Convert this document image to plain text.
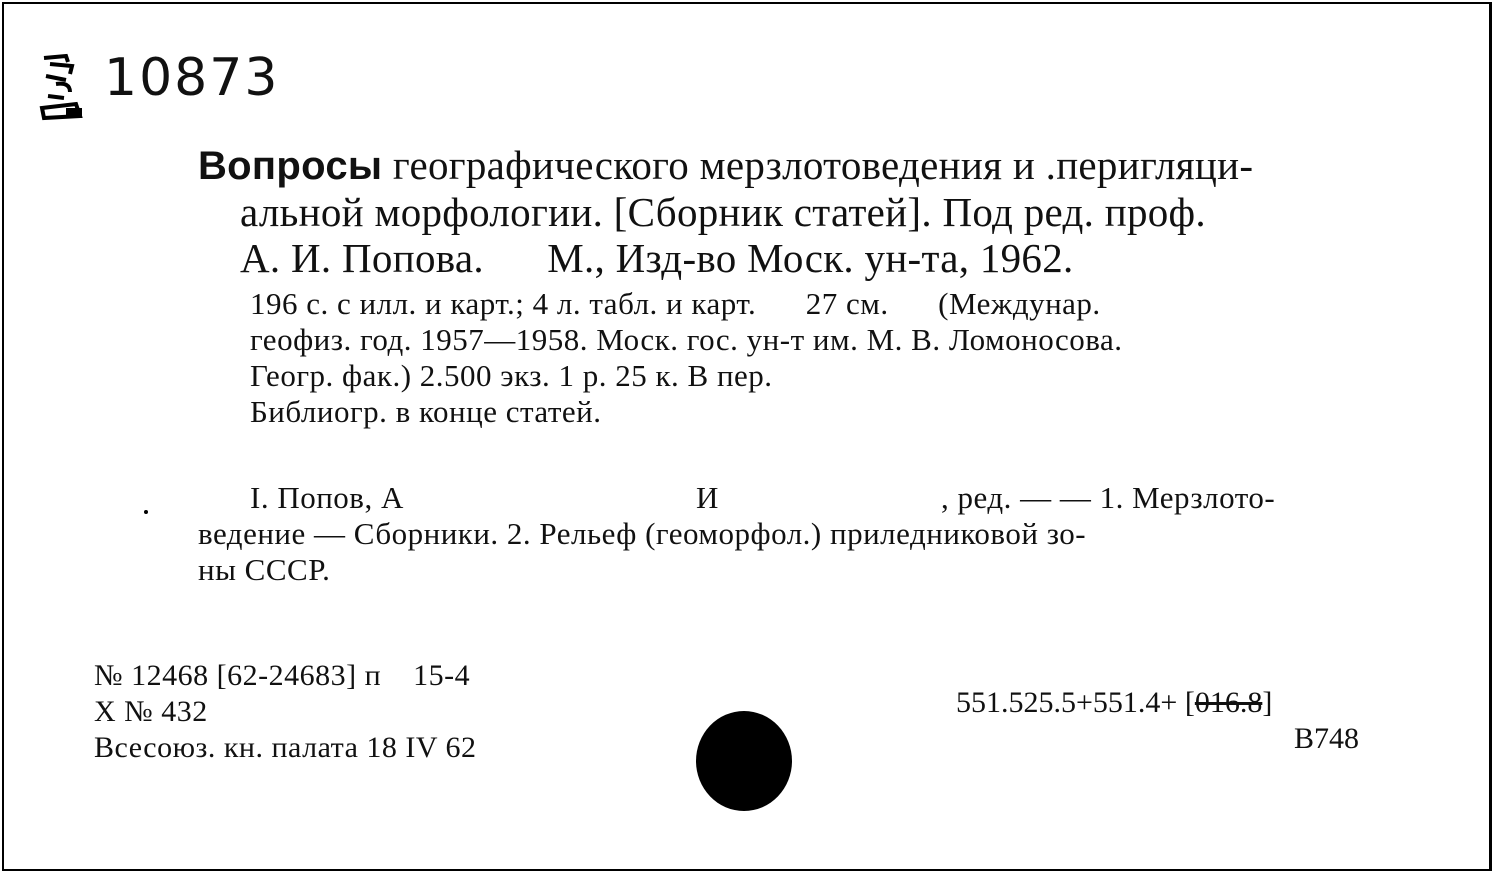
10873
Вопросы географического мерзлотоведения и .перигляци-
альной морфологии. [Сборник статей]. Под ред. проф.
А. И. Попова.      М., Изд-во Моск. ун-та, 1962.
196 с. с илл. и карт.; 4 л. табл. и карт.      27 см.      (Междунар.
геофиз. год. 1957—1958. Моск. гос. ун-т им. М. В. Ломоносова.
Геогр. фак.) 2.500 экз. 1 р. 25 к. В пер.
Библиогр. в конце статей.
I. Попов, А	И	, ред. — — 1. Мерзлото-
ведение — Сборники. 2. Рельеф (геоморфол.) приледниковой зо-
ны СССР.
№ 12468 [62-24683] п    15-4
Х № 432
Всесоюз. кн. палата 18 IV 62
551.525.5+551.4+ [016.8]
В748
